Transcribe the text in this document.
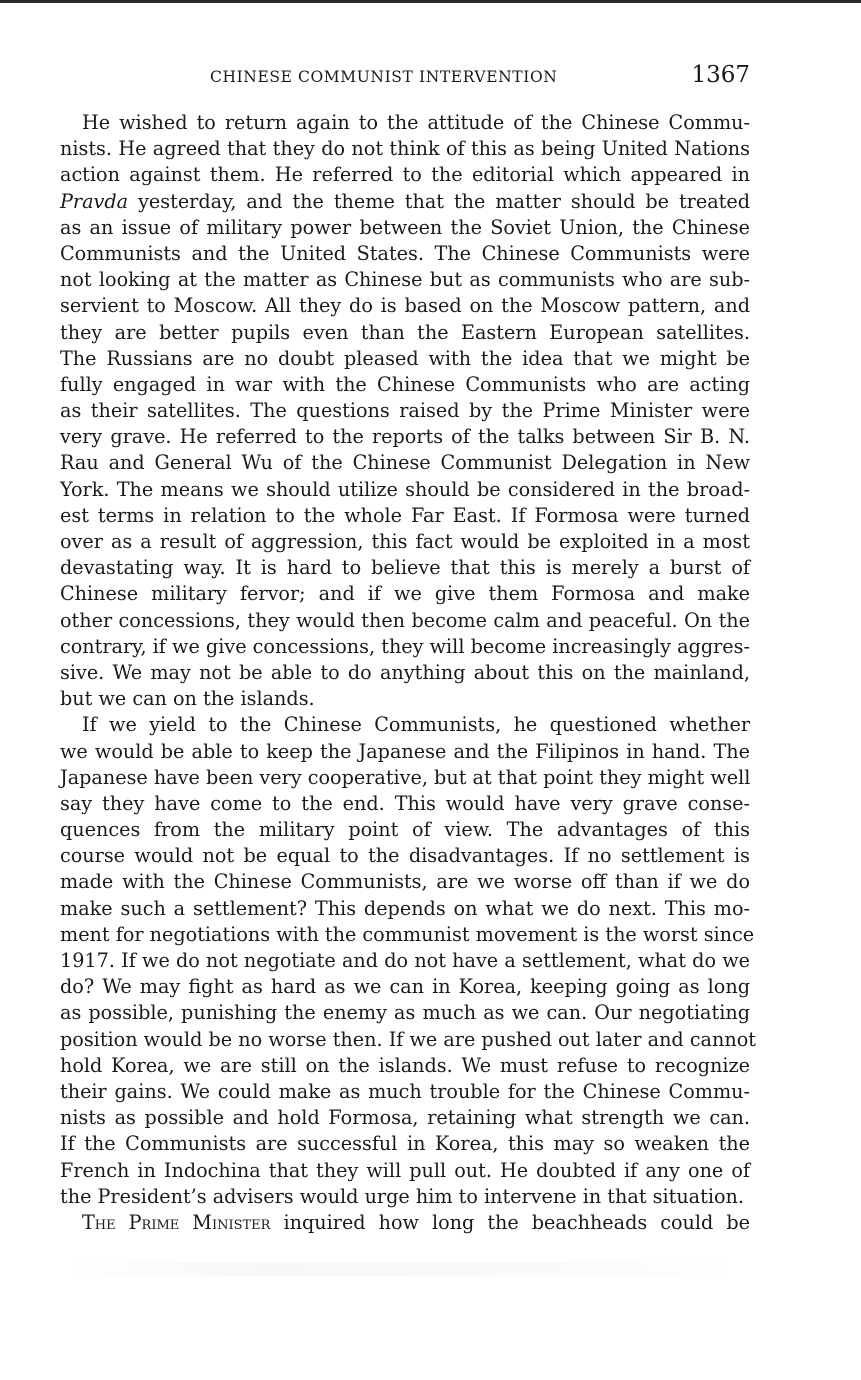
CHINESE COMMUNIST INTERVENTION	1367
He wished to return again to the attitude of the Chinese Commu-
nists. He agreed that they do not think of this as being United Nations
action against them. He referred to the editorial which appeared in
Pravda yesterday, and the theme that the matter should be treated
as an issue of military power between the Soviet Union, the Chinese
Communists and the United States. The Chinese Communists were
not looking at the matter as Chinese but as communists who are sub-
servient to Moscow. All they do is based on the Moscow pattern, and
they are better pupils even than the Eastern European satellites.
The Russians are no doubt pleased with the idea that we might be
fully engaged in war with the Chinese Communists who are acting
as their satellites. The questions raised by the Prime Minister were
very grave. He referred to the reports of the talks between Sir B. N.
Rau and General Wu of the Chinese Communist Delegation in New
York. The means we should utilize should be considered in the broad-
est terms in relation to the whole Far East. If Formosa were turned
over as a result of aggression, this fact would be exploited in a most
devastating way. It is hard to believe that this is merely a burst of
Chinese military fervor; and if we give them Formosa and make
other concessions, they would then become calm and peaceful. On the
contrary, if we give concessions, they will become increasingly aggres-
sive. We may not be able to do anything about this on the mainland,
but we can on the islands.
If we yield to the Chinese Communists, he questioned whether
we would be able to keep the Japanese and the Filipinos in hand. The
Japanese have been very cooperative, but at that point they might well
say they have come to the end. This would have very grave conse-
quences from the military point of view. The advantages of this
course would not be equal to the disadvantages. If no settlement is
made with the Chinese Communists, are we worse off than if we do
make such a settlement? This depends on what we do next. This mo-
ment for negotiations with the communist movement is the worst since
1917. If we do not negotiate and do not have a settlement, what do we
do? We may fight as hard as we can in Korea, keeping going as long
as possible, punishing the enemy as much as we can. Our negotiating
position would be no worse then. If we are pushed out later and cannot
hold Korea, we are still on the islands. We must refuse to recognize
their gains. We could make as much trouble for the Chinese Commu-
nists as possible and hold Formosa, retaining what strength we can.
If the Communists are successful in Korea, this may so weaken the
French in Indochina that they will pull out. He doubted if any one of
the President’s advisers would urge him to intervene in that situation.
The Prime Minister inquired how long the beachheads could be
